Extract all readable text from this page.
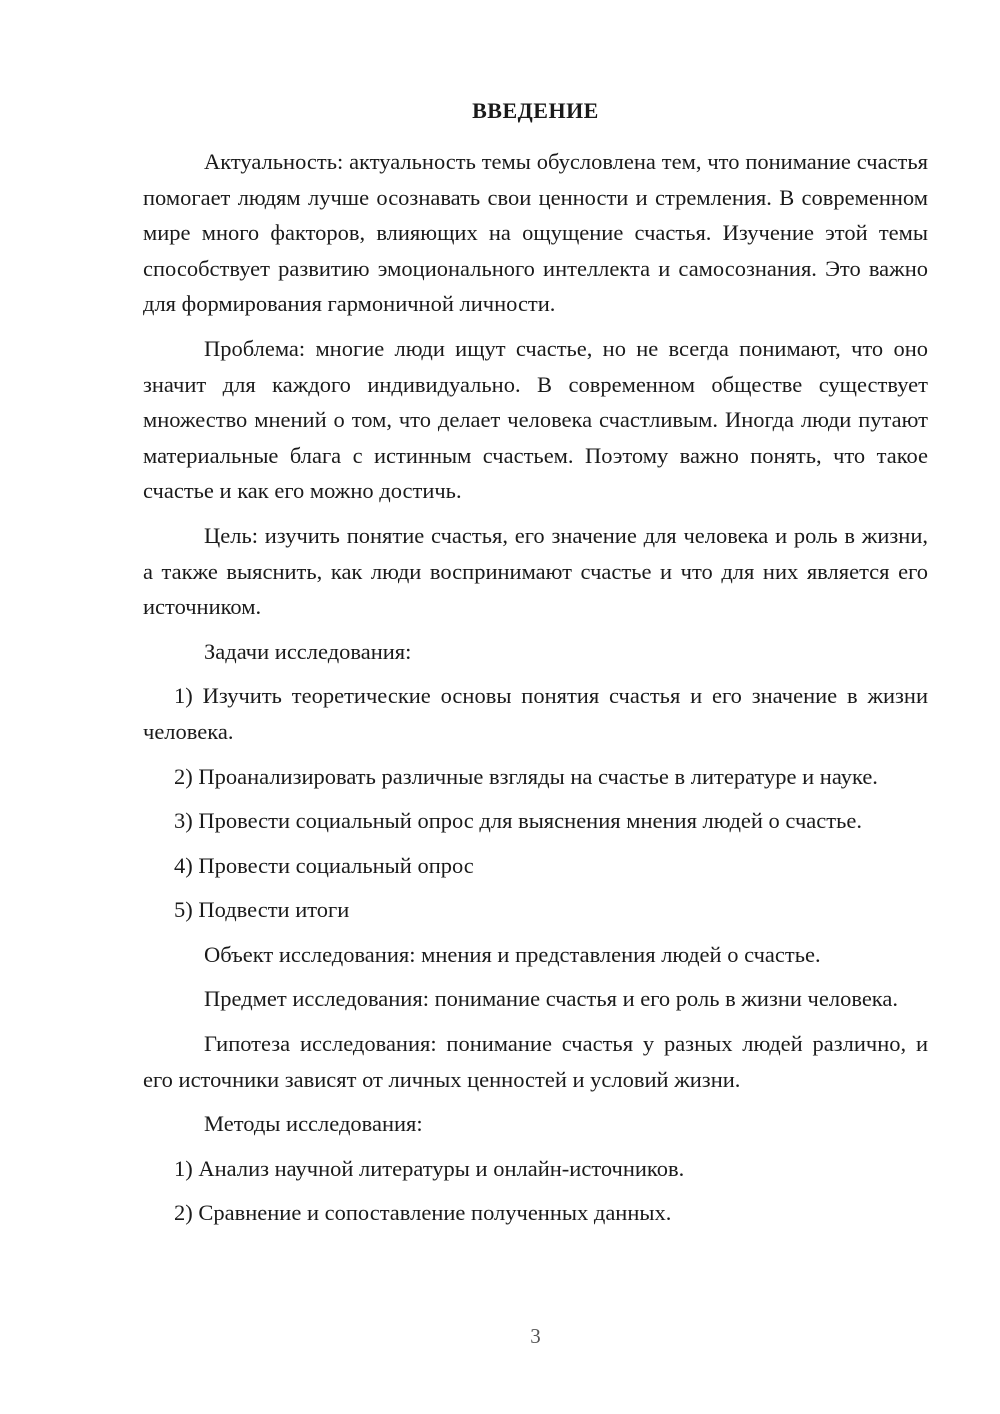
ВВЕДЕНИЕ

Актуальность: актуальность темы обусловлена тем, что понимание счастья помогает людям лучше осознавать свои ценности и стремления. В современном мире много факторов, влияющих на ощущение счастья. Изучение этой темы способствует развитию эмоционального интеллекта и самосознания. Это важно для формирования гармоничной личности.

Проблема: многие люди ищут счастье, но не всегда понимают, что оно значит для каждого индивидуально. В современном обществе существует множество мнений о том, что делает человека счастливым. Иногда люди путают материальные блага с истинным счастьем. Поэтому важно понять, что такое счастье и как его можно достичь.

Цель: изучить понятие счастья, его значение для человека и роль в жизни, а также выяснить, как люди воспринимают счастье и что для них является его источником.

Задачи исследования:

1) Изучить теоретические основы понятия счастья и его значение в жизни человека.

2) Проанализировать различные взгляды на счастье в литературе и науке.

3) Провести социальный опрос для выяснения мнения людей о счастье.

4) Провести социальный опрос

5) Подвести итоги

Объект исследования: мнения и представления людей о счастье.

Предмет исследования: понимание счастья и его роль в жизни человека.

Гипотеза исследования: понимание счастья у разных людей различно, и его источники зависят от личных ценностей и условий жизни.

Методы исследования:

1) Анализ научной литературы и онлайн-источников.

2) Сравнение и сопоставление полученных данных.

3
